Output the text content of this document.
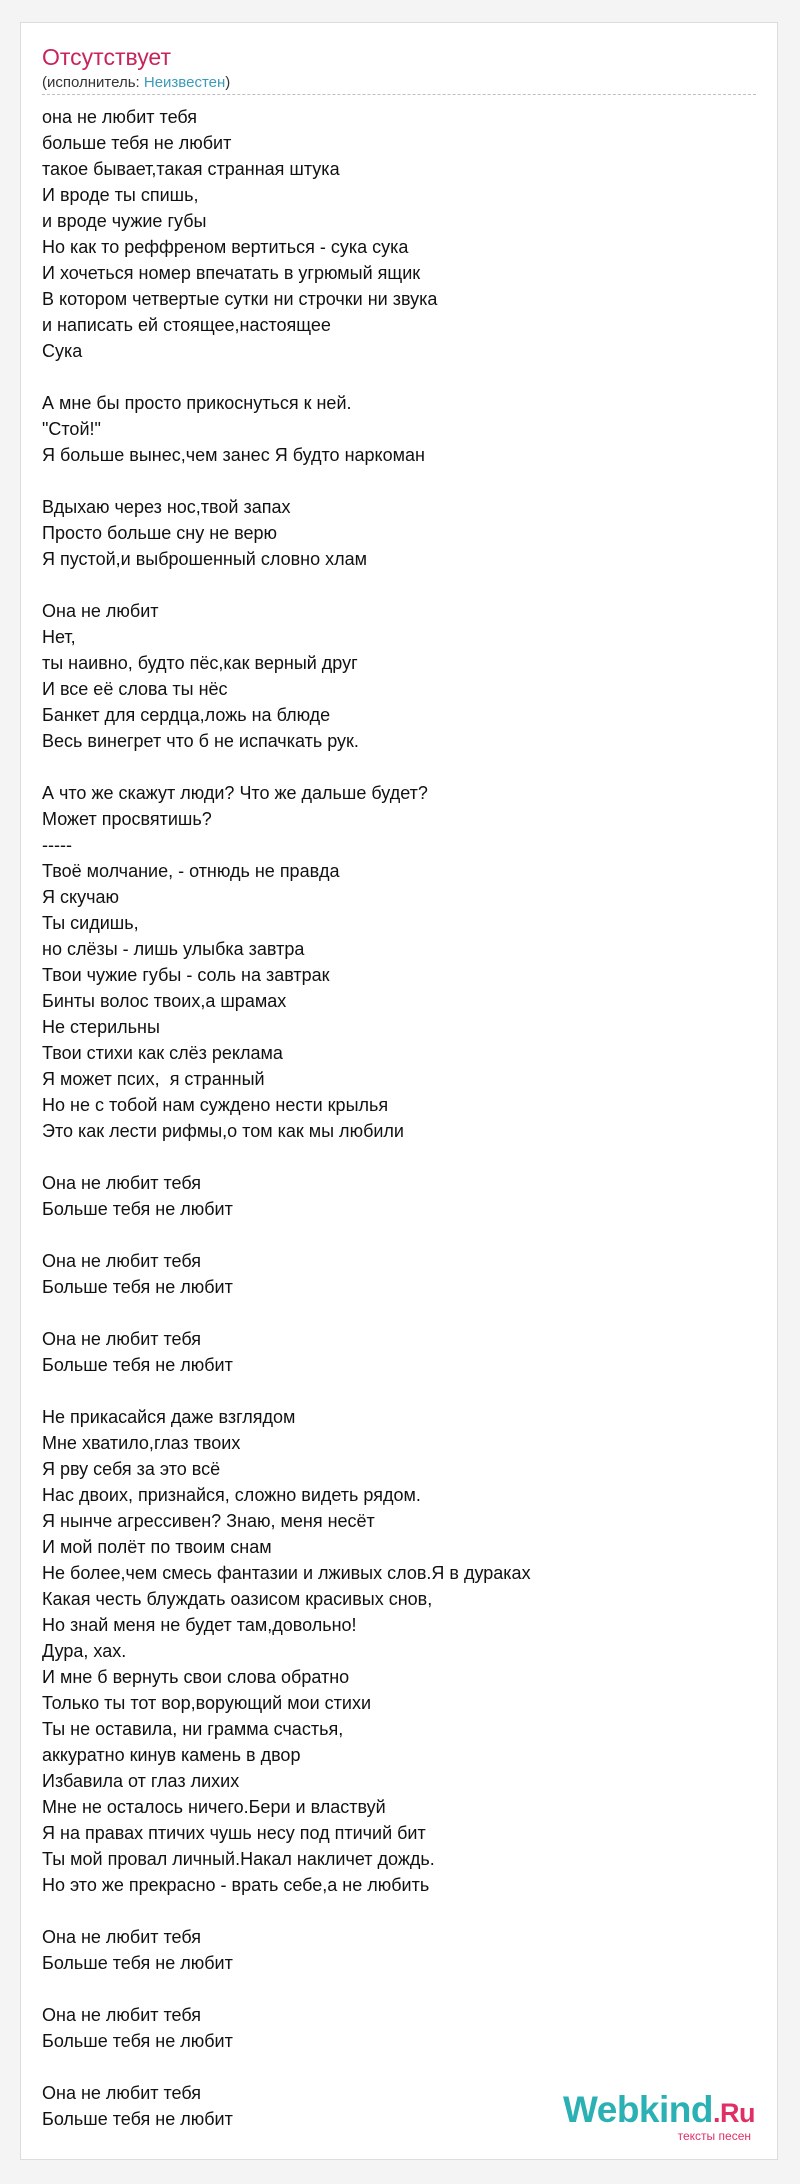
Отсутствует
(исполнитель: Неизвестен)
она не любит тебя
больше тебя не любит
такое бывает,такая странная штука
И вроде ты спишь,
и вроде чужие губы
Но как то реффреном вертиться - сука сука
И хочеться номер впечатать в угрюмый ящик
В котором четвертые сутки ни строчки ни звука
и написать ей стоящее,настоящее
Сука
А мне бы просто прикоснуться к ней.
"Стой!"
Я больше вынес,чем занес Я будто наркоман
Вдыхаю через нос,твой запах
Просто больше сну не верю
Я пустой,и выброшенный словно хлам
Она не любит
Нет,
ты наивно, будто пёс,как верный друг
И все её слова ты нёс
Банкет для сердца,ложь на блюде
Весь винегрет что б не испачкать рук.
А что же скажут люди? Что же дальше будет?
Может просвятишь?
-----
Твоё молчание, - отнюдь не правда
Я скучаю
Ты сидишь,
но слёзы - лишь улыбка завтра
Твои чужие губы - соль на завтрак
Бинты волос твоих,а шрамах
Не стерильны
Твои стихи как слёз реклама
Я может псих,  я странный
Но не с тобой нам суждено нести крылья
Это как лести рифмы,о том как мы любили
Она не любит тебя
Больше тебя не любит
Она не любит тебя
Больше тебя не любит
Она не любит тебя
Больше тебя не любит
Не прикасайся даже взглядом
Мне хватило,глаз твоих
Я рву себя за это всё
Нас двоих, признайся, сложно видеть рядом.
Я нынче агрессивен? Знаю, меня несёт
И мой полёт по твоим снам
Не более,чем смесь фантазии и лживых слов.Я в дураках
Какая честь блуждать оазисом красивых снов,
Но знай меня не будет там,довольно!
Дура, хах.
И мне б вернуть свои слова обратно
Только ты тот вор,ворующий мои стихи
Ты не оставила, ни грамма счастья,
аккуратно кинув камень в двор
Избавила от глаз лихих
Мне не осталось ничего.Бери и властвуй
Я на правах птичих чушь несу под птичий бит
Ты мой провал личный.Накал накличет дождь.
Но это же прекрасно - врать себе,а не любить
Она не любит тебя
Больше тебя не любит
Она не любит тебя
Больше тебя не любит
Она не любит тебя
Больше тебя не любит	Webkind.Ru
тексты песен
